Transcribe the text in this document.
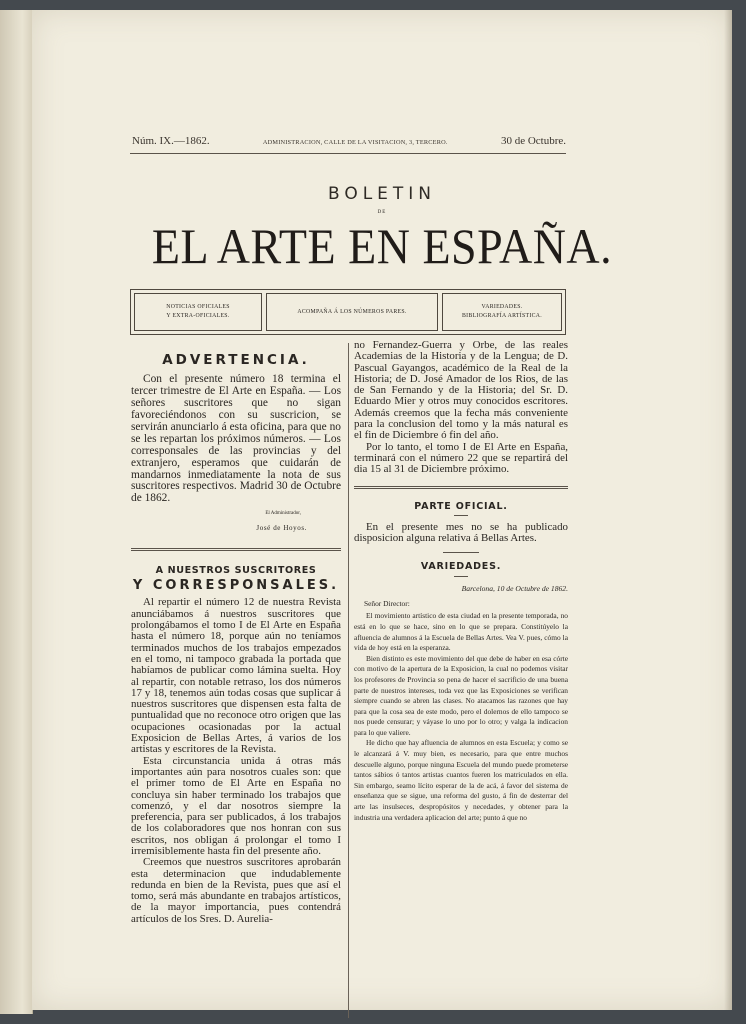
Núm. IX.—1862.	ADMINISTRACION, CALLE DE LA VISITACION, 3, TERCERO.	30 de Octubre.
BOLETIN
DE
EL ARTE EN ESPAÑA.
NOTICIAS OFICIALES
Y EXTRA-OFICIALES.
ACOMPAÑA Á LOS NÚMEROS PARES.
VARIEDADES.
BIBLIOGRAFÍA ARTÍSTICA.
ADVERTENCIA.

Con el presente número 18 termina el tercer trimestre de El Arte en España. — Los señores suscritores que no sigan favoreciéndonos con su suscricion, se servirán anunciarlo á esta oficina, para que no se les repartan los próximos números. — Los corresponsales de las provincias y del extranjero, esperamos que cuidarán de mandarnos inmediatamente la nota de sus suscritores respectivos. Madrid 30 de Octubre de 1862.

El Administrador,
José de Hoyos.
A NUESTROS SUSCRITORES
Y CORRESPONSALES.

Al repartir el número 12 de nuestra Revista anunciábamos á nuestros suscritores que prolongábamos el tomo I de El Arte en España hasta el número 18, porque aún no teníamos terminados muchos de los trabajos empezados en el tomo, ni tampoco grabada la portada que habíamos de publicar como lámina suelta. Hoy al repartir, con notable retraso, los dos números 17 y 18, tenemos aún todas cosas que suplicar á nuestros suscritores que dispensen esta falta de puntualidad que no reconoce otro origen que las ocupaciones ocasionadas por la actual Exposicion de Bellas Artes, á varios de los artistas y escritores de la Revista.

Esta circunstancia unida á otras más importantes aún para nosotros cuales son: que el primer tomo de El Arte en España no concluya sin haber terminado los trabajos que comenzó, y el dar nosotros siempre la preferencia, para ser publicados, á los trabajos de los colaboradores que nos honran con sus escritos, nos obligan á prolongar el tomo I irremisiblemente hasta fin del presente año.

Creemos que nuestros suscritores aprobarán esta determinacion que indudablemente redunda en bien de la Revista, pues que así el tomo, será más abundante en trabajos artísticos, de la mayor importancia, pues contendrá artículos de los Sres. D. Aurelia-

no Fernandez-Guerra y Orbe, de las reales Academias de la Historia y de la Lengua; de D. Pascual Gayangos, académico de la Real de la Historia; de D. José Amador de los Rios, de las de San Fernando y de la Historia; del Sr. D. Eduardo Mier y otros muy conocidos escritores. Además creemos que la fecha más conveniente para la conclusion del tomo y la más natural es el fin de Diciembre ó fin del año.

Por lo tanto, el tomo I de El Arte en España, terminará con el número 22 que se repartirá del dia 15 al 31 de Diciembre próximo.

PARTE OFICIAL.

En el presente mes no se ha publicado disposicion alguna relativa á Bellas Artes.

VARIEDADES.
Barcelona, 10 de Octubre de 1862.
Señor Director:

El movimiento artístico de esta ciudad en la presente temporada, no está en lo que se hace, sino en lo que se prepara. Constitúyelo la afluencia de alumnos á la Escuela de Bellas Artes. Vea V. pues, cómo la vida de hoy está en la esperanza.

Bien distinto es este movimiento del que debe de haber en esa córte con motivo de la apertura de la Exposicion, la cual no podemos visitar los profesores de Provincia so pena de hacer el sacrificio de una buena parte de nuestros intereses, toda vez que las Exposiciones se verifican siempre cuando se abren las clases. No atacamos las razones que hay para que la cosa sea de este modo, pero el dolernos de ello tampoco se nos puede censurar; y váyase lo uno por lo otro; y valga la indicacion para lo que valiere.

He dicho que hay afluencia de alumnos en esta Escuela; y como se le alcanzará á V. muy bien, es necesario, para que entre muchos descuelle alguno, porque ninguna Escuela del mundo puede prometerse tantos sábios ó tantos artistas cuantos fueren los matriculados en ella. Sin embargo, seamo lícito esperar de la de acá, á favor del sistema de enseñanza que se sigue, una reforma del gusto, á fin de desterrar del arte las insulseces, despropósitos y necedades, y obtener para la industria una verdadera aplicacion del arte; punto á que no
